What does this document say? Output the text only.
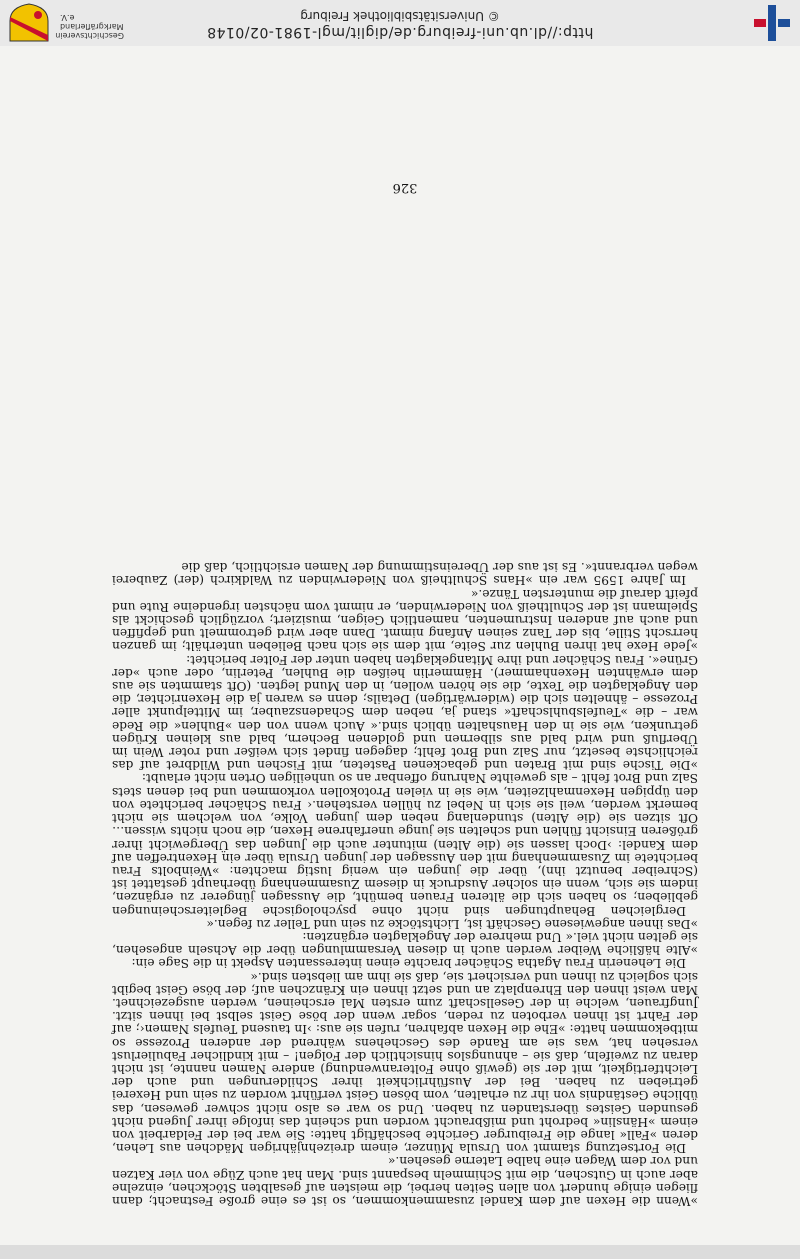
»Wenn die Hexen auf dem Kandel zusammenkommen, so ist es eine große Festnacht; dann fliegen einige hundert von allen Seiten herbei, die meisten auf gesalbten Stöckchen, einzelne aber auch in Gutschen, die mit Schimmeln bespannt sind. Man hat auch Züge von vier Katzen und vor dem Wagen eine halbe Laterne gesehen.«

Die Fortsetzung stammt von Ursula Münzer, einem dreizehnjährigen Mädchen aus Lehen, deren »Fall« lange die Freiburger Gerichte beschäftigt hatte: Sie war bei der Feldarbeit von einem »Hänslin« bedroht und mißbraucht worden und scheint das infolge ihrer Jugend nicht gesunden Geistes überstanden zu haben. Und so war es also nicht schwer gewesen, das übliche Geständnis von ihr zu erhalten, vom bösen Geist verführt worden zu sein und Hexerei getrieben zu haben. Bei der Ausführlichkeit ihrer Schilderungen und auch der Leichtfertigkeit, mit der sie (gewiß ohne Folteranwendung) andere Namen nannte, ist nicht daran zu zweifeln, daß sie – ahnungslos hinsichtlich der Folgen! – mit kindlicher Fabulierlust versehen hat, was sie am Rande des Geschehens während der anderen Prozesse so mitbekommen hatte: »Ehe die Hexen abfahren, rufen sie aus: ›In tausend Teufels Namen‹; auf der Fahrt ist ihnen verboten zu reden, sogar wenn der böse Geist selbst bei ihnen sitzt. Jungfrauen, welche in der Gesellschaft zum ersten Mal erscheinen, werden ausgezeichnet. Man weist ihnen den Ehrenplatz an und setzt ihnen ein Kränzchen auf; der böse Geist begibt sich sogleich zu ihnen und versichert sie, daß sie ihm am liebsten sind.«

Die Lehenerin Frau Agatha Schächer brachte einen interessanten Aspekt in die Sage ein:

»Alte häßliche Weiber werden auch in diesen Versammlungen über die Achseln angesehen, sie gelten nicht viel.« Und mehrere der Angeklagten ergänzten:

»Das ihnen angewiesene Geschäft ist, Lichtstöcke zu sein und Teller zu fegen.«

Dergleichen Behauptungen sind nicht ohne psychologische Begleiterscheinungen geblieben; so haben sich die älteren Frauen bemüht, die Aussagen jüngerer zu ergänzen, indem sie sich, wenn ein solcher Ausdruck in diesem Zusammenhang überhaupt gestattet ist (Schreiber benutzt ihn), über die jungen ein wenig lustig machten: »Weinbolts Frau berichtete im Zusammenhang mit den Aussagen der jungen Ursula über ein Hexentreffen auf dem Kandel: ›Doch lassen sie (die Alten) mitunter auch die Jungen das Übergewicht ihrer größeren Einsicht fühlen und schelten sie junge unerfahrene Hexen, die noch nichts wissen… Oft sitzen sie (die Alten) stundenlang neben dem jungen Volke, von welchem sie nicht bemerkt werden, weil sie sich in Nebel zu hüllen verstehen.‹ Frau Schächer berichtete von den üppigen Hexenmahlzeiten, wie sie in vielen Protokollen vorkommen und bei denen stets Salz und Brot fehlt – als geweihte Nahrung offenbar an so unheiligen Orten nicht erlaubt:

»Die Tische sind mit Braten und gebackenen Pasteten, mit Fischen und Wildbret auf das reichlichste besetzt, nur Salz und Brot fehlt; dagegen findet sich weißer und roter Wein im Überfluß und wird bald aus silbernen und goldenen Bechern, bald aus kleinen Krügen getrunken, wie sie in den Haushalten üblich sind.« Auch wenn von den »Buhlen« die Rede war – die »Teufelsbuhlschaft« stand ja, neben dem Schadenszauber, im Mittelpunkt aller Prozesse – ähnelten sich die (widerwärtigen) Details; denn es waren ja die Hexenrichter, die den Angeklagten die Texte, die sie hören wollen, in den Mund legten. (Oft stammten sie aus dem erwähnten Hexenhammer). Hämmerlin heißen die Buhlen, Peterlin, oder auch »der Grüne«. Frau Schächer und ihre Mitangeklagten haben unter der Folter berichtet:

»Jede Hexe hat ihren Buhlen zur Seite, mit dem sie sich nach Belieben unterhält; im ganzen herrscht Stille, bis der Tanz seinen Anfang nimmt. Dann aber wird getrommelt und gepfiffen und auch auf anderen Instrumenten, namentlich Geigen, musiziert; vorzüglich geschickt als Spielmann ist der Schultheiß von Niederwinden, er nimmt vom nächsten irgendeine Rute und pfeift darauf die muntersten Tänze.«

Im Jahre 1595 war ein »Hans Schultheiß von Niederwinden zu Waldkirch (der) Zauberei wegen verbrannt«. Es ist aus der Übereinstimmung der Namen ersichtlich, daß die

326
http://dl.ub.uni-freiburg.de/diglit/mgl-1981-02/0148
© Universitätsbibliothek Freiburg
Geschichtsverein Markgräflerland e.V.
